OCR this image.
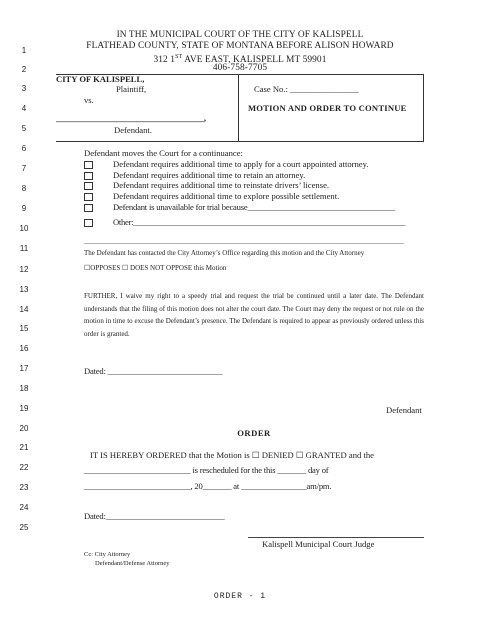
IN THE MUNICIPAL COURT OF THE CITY OF KALISPELL
FLATHEAD COUNTY, STATE OF MONTANA BEFORE ALISON HOWARD
312 1ST AVE EAST, KALISPELL MT 59901
406-758-7705
1
2
3
4
5
6
7
8
9
10
11
12
13
14
15
16
17
18
19
20
21
22
23
24
25
CITY OF KALISPELL,
Plaintiff,
vs.
_____________________________________,
Defendant.
Case No.: ________________
MOTION AND ORDER TO CONTINUE
Defendant moves the Court for a continuance:
Defendant requires additional time to apply for a court appointed attorney.
Defendant requires additional time to retain an attorney.
Defendant requires additional time to reinstate drivers’ license.
Defendant requires additional time to explore possible settlement.
Defendant is unavailable for trial because____________________________________
Other:____________________________________________________________________
________________________________________________________________________________
The Defendant has contacted the City Attorney’s Office regarding this motion and the City Attorney
☐OPPOSES ☐ DOES NOT OPPOSE this Motion
FURTHER, I waive my right to a speedy trial and request the trial be continued until a later date. The Defendant understands that the filing of this motion does not alter the court date. The Court may deny the request or not rule on the motion in time to excuse the Defendant’s presence. The Defendant is required to appear as previously ordered unless this order is granted.
Dated: ____________________________
Defendant
ORDER
IT IS HEREBY ORDERED that the Motion is ☐ DENIED ☐ GRANTED and the
__________________________ is rescheduled for the this _______ day of
__________________________, 20_______ at ________________am/pm.
Dated:_____________________________
Kalispell Municipal Court Judge
Cc: City Attorney
Defendant/Defense Attorney
ORDER - 1
